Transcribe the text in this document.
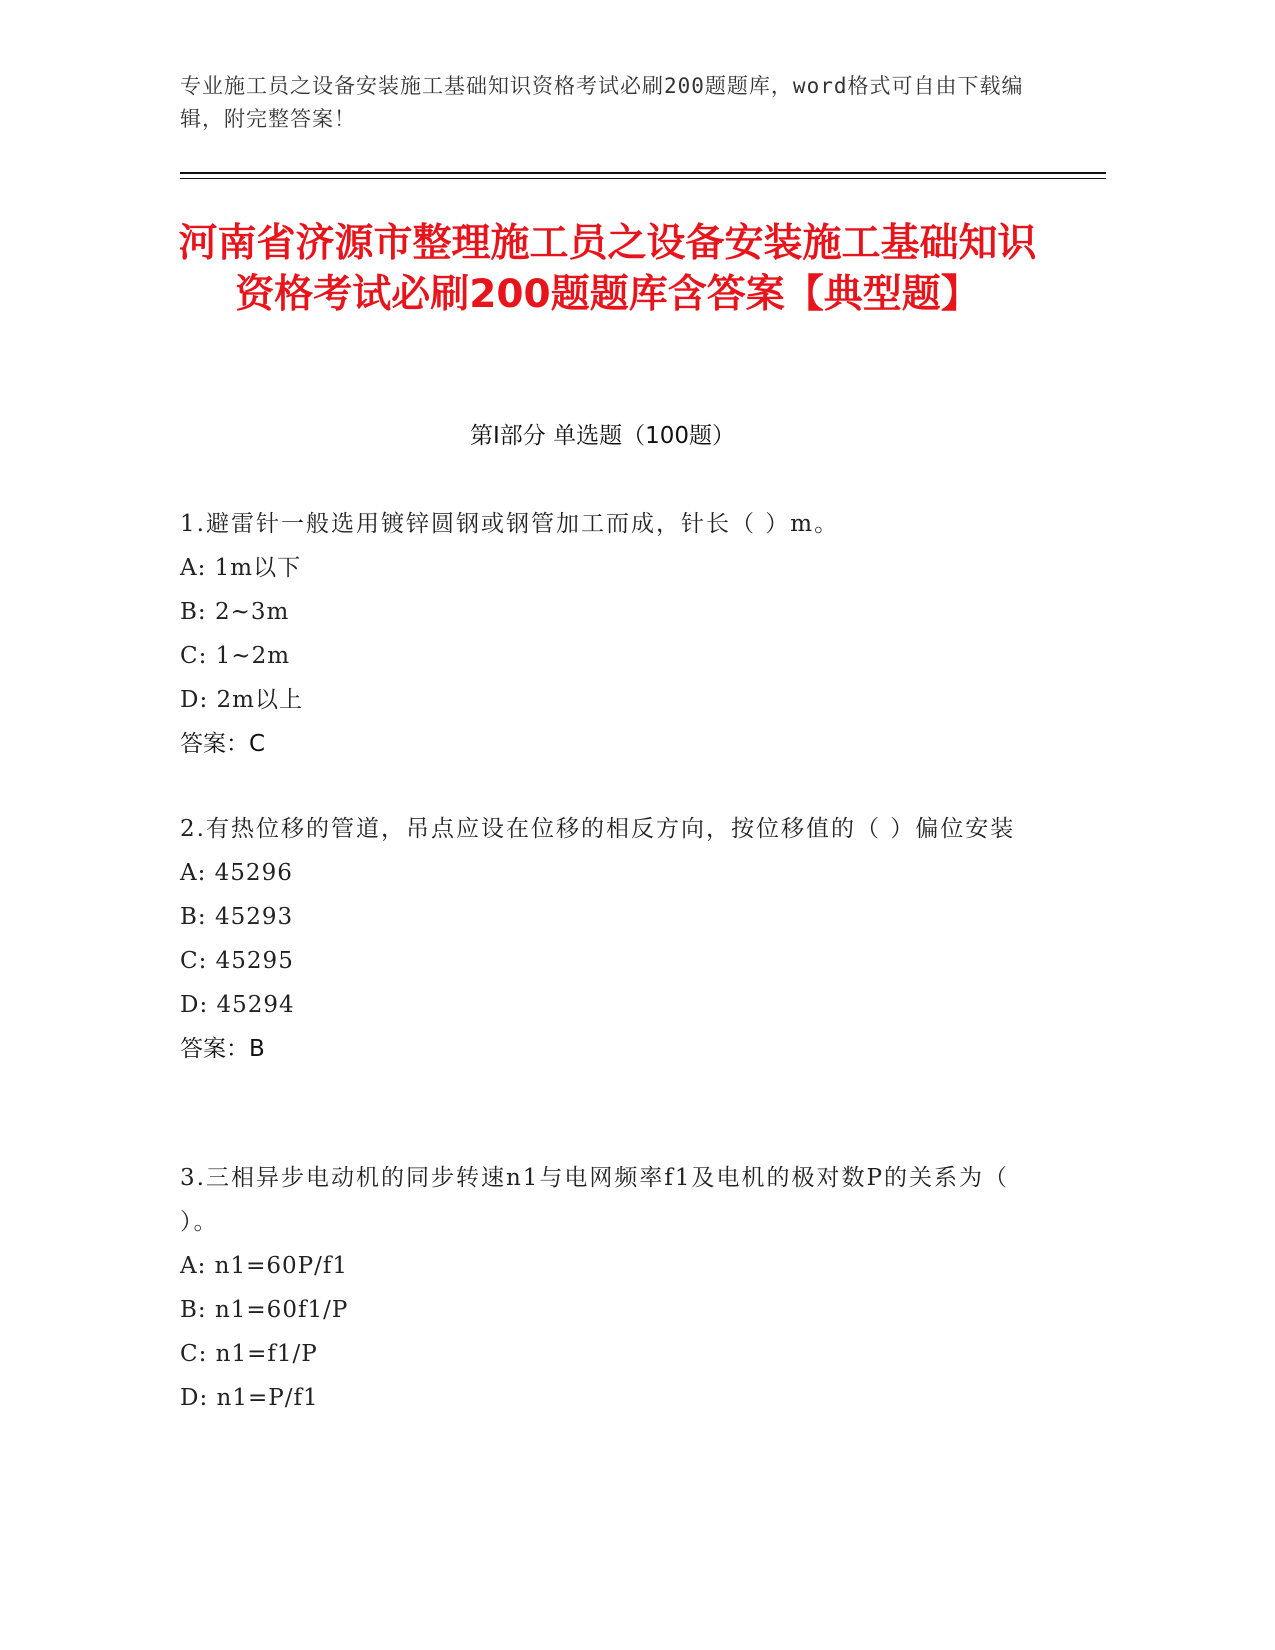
专业施工员之设备安装施工基础知识资格考试必刷200题题库，word格式可自由下载编辑，附完整答案！
河南省济源市整理施工员之设备安装施工基础知识资格考试必刷200题题库含答案【典型题】
第I部分 单选题（100题）
1.避雷针一般选用镀锌圆钢或钢管加工而成，针长（ ）m。
A: 1m以下
B: 2~3m
C: 1~2m
D: 2m以上
答案：C
2.有热位移的管道，吊点应设在位移的相反方向，按位移值的（ ）偏位安装
A: 45296
B: 45293
C: 45295
D: 45294
答案：B
3.三相异步电动机的同步转速n1与电网频率f1及电机的极对数P的关系为（ ）。
A: n1=60P/f1
B: n1=60f1/P
C: n1=f1/P
D: n1=P/f1
